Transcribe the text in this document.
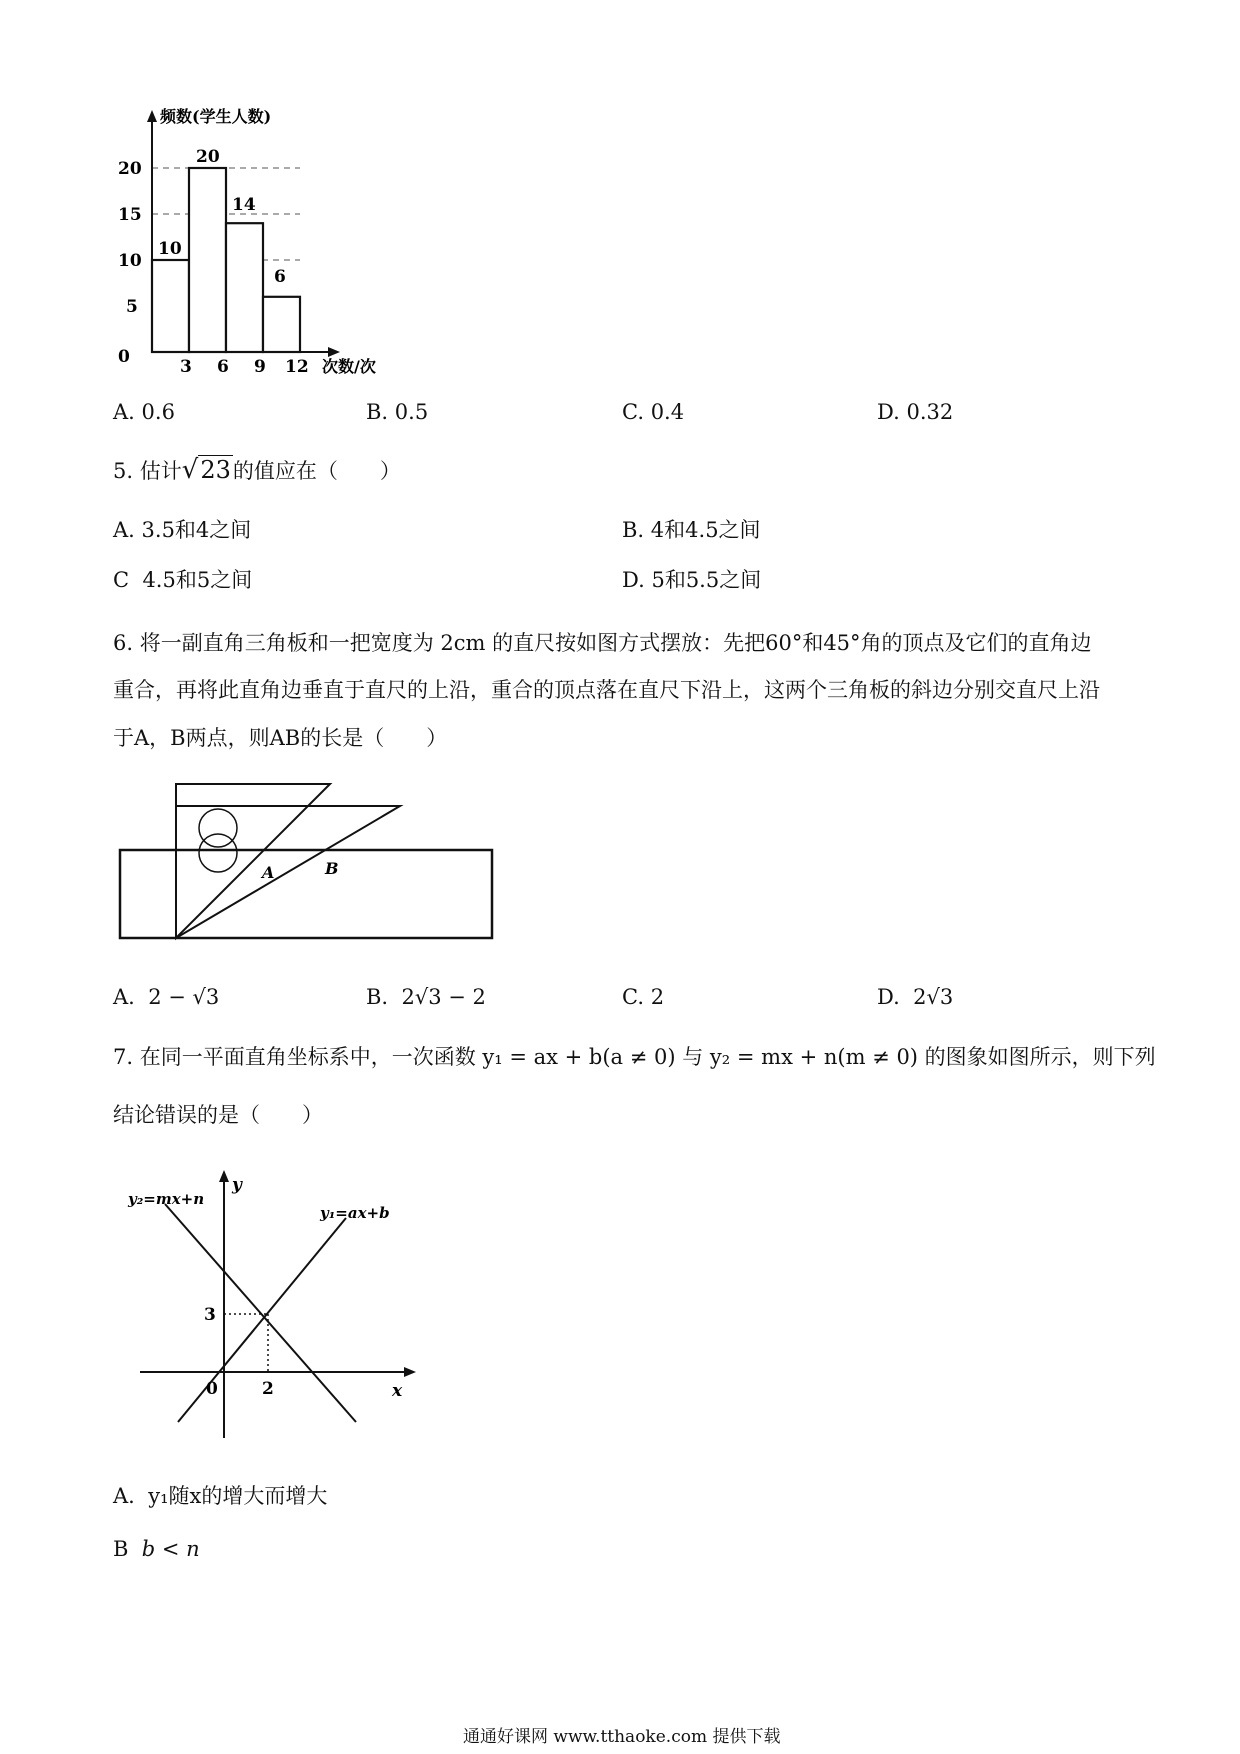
频数(学生人数)
次数/次
0
5
10
15
20
3 6 9 12
10
20
14
6
A. 0.6	B. 0.5	C. 0.4	D. 0.32
5. 估计√23的值应在（　　）
A. 3.5和4之间	B. 4和4.5之间
C 4.5和5之间	D. 5和5.5之间
6. 将一副直角三角板和一把宽度为 2cm 的直尺按如图方式摆放：先把60°和45°角的顶点及它们的直角边
重合，再将此直角边垂直于直尺的上沿，重合的顶点落在直尺下沿上，这两个三角板的斜边分别交直尺上沿
于A，B两点，则AB的长是（　　）
A	B
A. 2 − √3	B. 2√3 − 2	C. 2	D. 2√3
7. 在同一平面直角坐标系中，一次函数 y₁ = ax + b(a ≠ 0) 与 y₂ = mx + n(m ≠ 0) 的图象如图所示，则下列
结论错误的是（　　）
y
x
0
3
2
y₁=ax+b
y₂=mx+n
A. y₁随x的增大而增大
B b < n
通通好课网 www.tthaoke.com 提供下载
